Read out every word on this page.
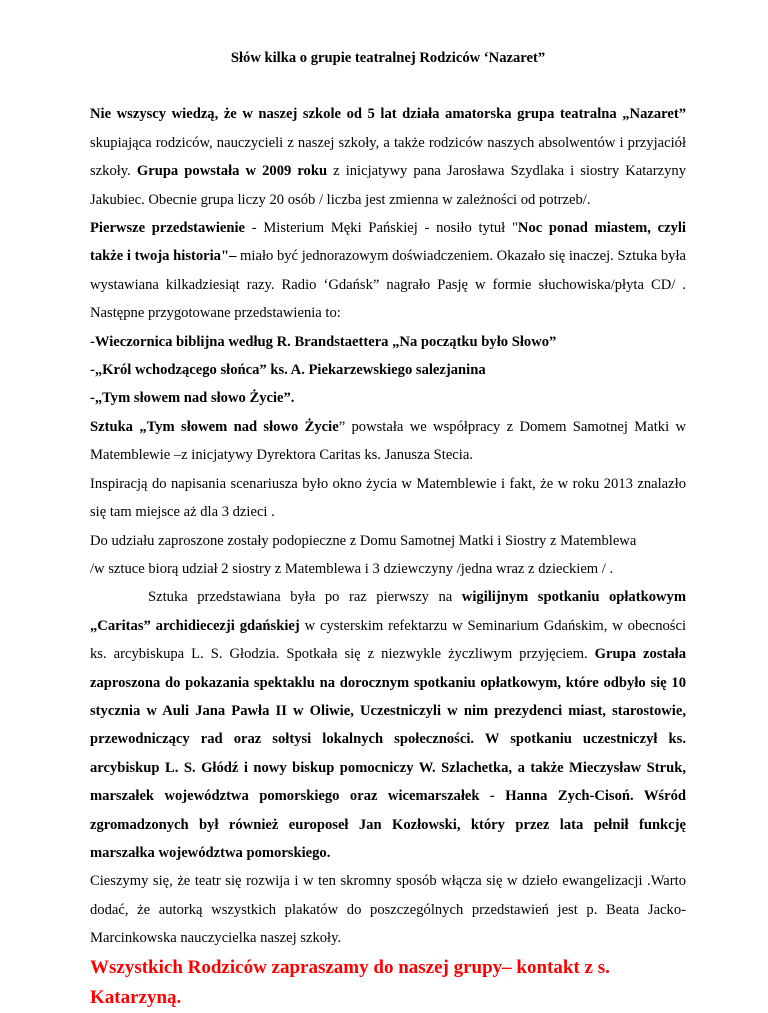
Słów kilka o grupie teatralnej Rodziców ‘Nazaret”

Nie wszyscy wiedzą, że w naszej szkole od 5 lat działa amatorska grupa teatralna „Nazaret” skupiająca rodziców, nauczycieli z naszej szkoły, a także rodziców naszych absolwentów i przyjaciół szkoły. Grupa powstała w 2009 roku z inicjatywy pana Jarosława Szydlaka i siostry Katarzyny Jakubiec. Obecnie grupa liczy 20 osób / liczba jest zmienna w zależności od potrzeb/.

Pierwsze przedstawienie - Misterium Męki Pańskiej - nosiło tytuł "Noc ponad miastem, czyli także i twoja historia"– miało być jednorazowym doświadczeniem. Okazało się inaczej. Sztuka była wystawiana kilkadziesiąt razy. Radio ‘Gdańsk” nagrało Pasję w formie słuchowiska/płyta CD/ . Następne przygotowane przedstawienia to:

-Wieczornica biblijna według R. Brandstaettera „Na początku było Słowo”

-„Król wchodzącego słońca” ks. A. Piekarzewskiego salezjanina

-„Tym słowem nad słowo Życie”.

Sztuka „Tym słowem nad słowo Życie” powstała we współpracy z Domem Samotnej Matki w Matemblewie –z inicjatywy Dyrektora Caritas ks. Janusza Stecia.

Inspiracją do napisania scenariusza było okno życia w Matemblewie i fakt, że w roku 2013 znalazło się tam miejsce aż dla 3 dzieci .

Do udziału zaproszone zostały podopieczne z Domu Samotnej Matki i Siostry z Matemblewa

/w sztuce biorą udział 2 siostry z Matemblewa i 3 dziewczyny /jedna wraz z dzieckiem / .

Sztuka przedstawiana była po raz pierwszy na wigilijnym spotkaniu opłatkowym „Caritas” archidiecezji gdańskiej w cysterskim refektarzu w Seminarium Gdańskim, w obecności ks. arcybiskupa L. S. Głodzia. Spotkała się z niezwykle życzliwym przyjęciem. Grupa została zaproszona do pokazania spektaklu na dorocznym spotkaniu opłatkowym, które odbyło się 10 stycznia w Auli Jana Pawła II w Oliwie, Uczestniczyli w nim prezydenci miast, starostowie, przewodniczący rad oraz sołtysi lokalnych społeczności. W spotkaniu uczestniczył ks. arcybiskup L. S. Głódź i nowy biskup pomocniczy W. Szlachetka, a także Mieczysław Struk, marszałek województwa pomorskiego oraz wicemarszałek - Hanna Zych-Cisoń. Wśród zgromadzonych był również europoseł Jan Kozłowski, który przez lata pełnił funkcję marszałka województwa pomorskiego.

Cieszymy się, że teatr się rozwija i w ten skromny sposób włącza się w dzieło ewangelizacji .Warto dodać, że autorką wszystkich plakatów do poszczególnych przedstawień jest p. Beata Jacko-Marcinkowska nauczycielka naszej szkoły.

Wszystkich Rodziców zapraszamy do naszej grupy– kontakt z s. Katarzyną.
